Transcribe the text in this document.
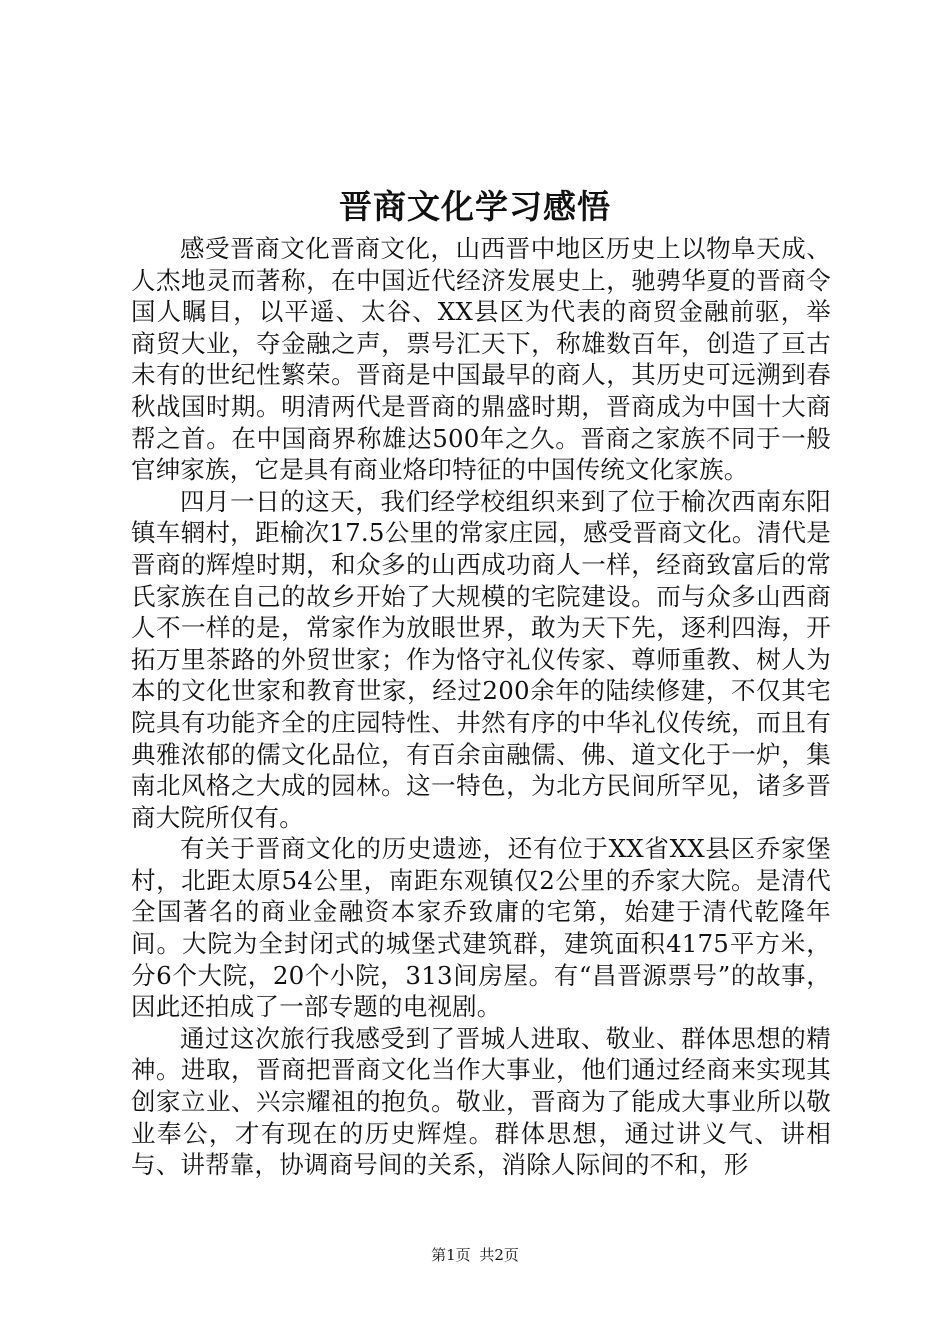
晋商文化学习感悟

感受晋商文化晋商文化，山西晋中地区历史上以物阜天成、人杰地灵而著称，在中国近代经济发展史上，驰骋华夏的晋商令国人瞩目，以平遥、太谷、XX县区为代表的商贸金融前驱，举商贸大业，夺金融之声，票号汇天下，称雄数百年，创造了亘古未有的世纪性繁荣。晋商是中国最早的商人，其历史可远溯到春秋战国时期。明清两代是晋商的鼎盛时期，晋商成为中国十大商帮之首。在中国商界称雄达500年之久。晋商之家族不同于一般官绅家族，它是具有商业烙印特征的中国传统文化家族。

四月一日的这天，我们经学校组织来到了位于榆次西南东阳镇车辋村，距榆次17.5公里的常家庄园，感受晋商文化。清代是晋商的辉煌时期，和众多的山西成功商人一样，经商致富后的常氏家族在自己的故乡开始了大规模的宅院建设。而与众多山西商人不一样的是，常家作为放眼世界，敢为天下先，逐利四海，开拓万里茶路的外贸世家；作为恪守礼仪传家、尊师重教、树人为本的文化世家和教育世家，经过200余年的陆续修建，不仅其宅院具有功能齐全的庄园特性、井然有序的中华礼仪传统，而且有典雅浓郁的儒文化品位，有百余亩融儒、佛、道文化于一炉，集南北风格之大成的园林。这一特色，为北方民间所罕见，诸多晋商大院所仅有。

有关于晋商文化的历史遗迹，还有位于XX省XX县区乔家堡村，北距太原54公里，南距东观镇仅2公里的乔家大院。是清代全国著名的商业金融资本家乔致庸的宅第，始建于清代乾隆年间。大院为全封闭式的城堡式建筑群，建筑面积4175平方米，分6个大院，20个小院，313间房屋。有“昌晋源票号”的故事，因此还拍成了一部专题的电视剧。

通过这次旅行我感受到了晋城人进取、敬业、群体思想的精神。进取，晋商把晋商文化当作大事业，他们通过经商来实现其创家立业、兴宗耀祖的抱负。敬业，晋商为了能成大事业所以敬业奉公，才有现在的历史辉煌。群体思想，通过讲义气、讲相与、讲帮靠，协调商号间的关系，消除人际间的不和，形

第1页 共2页
